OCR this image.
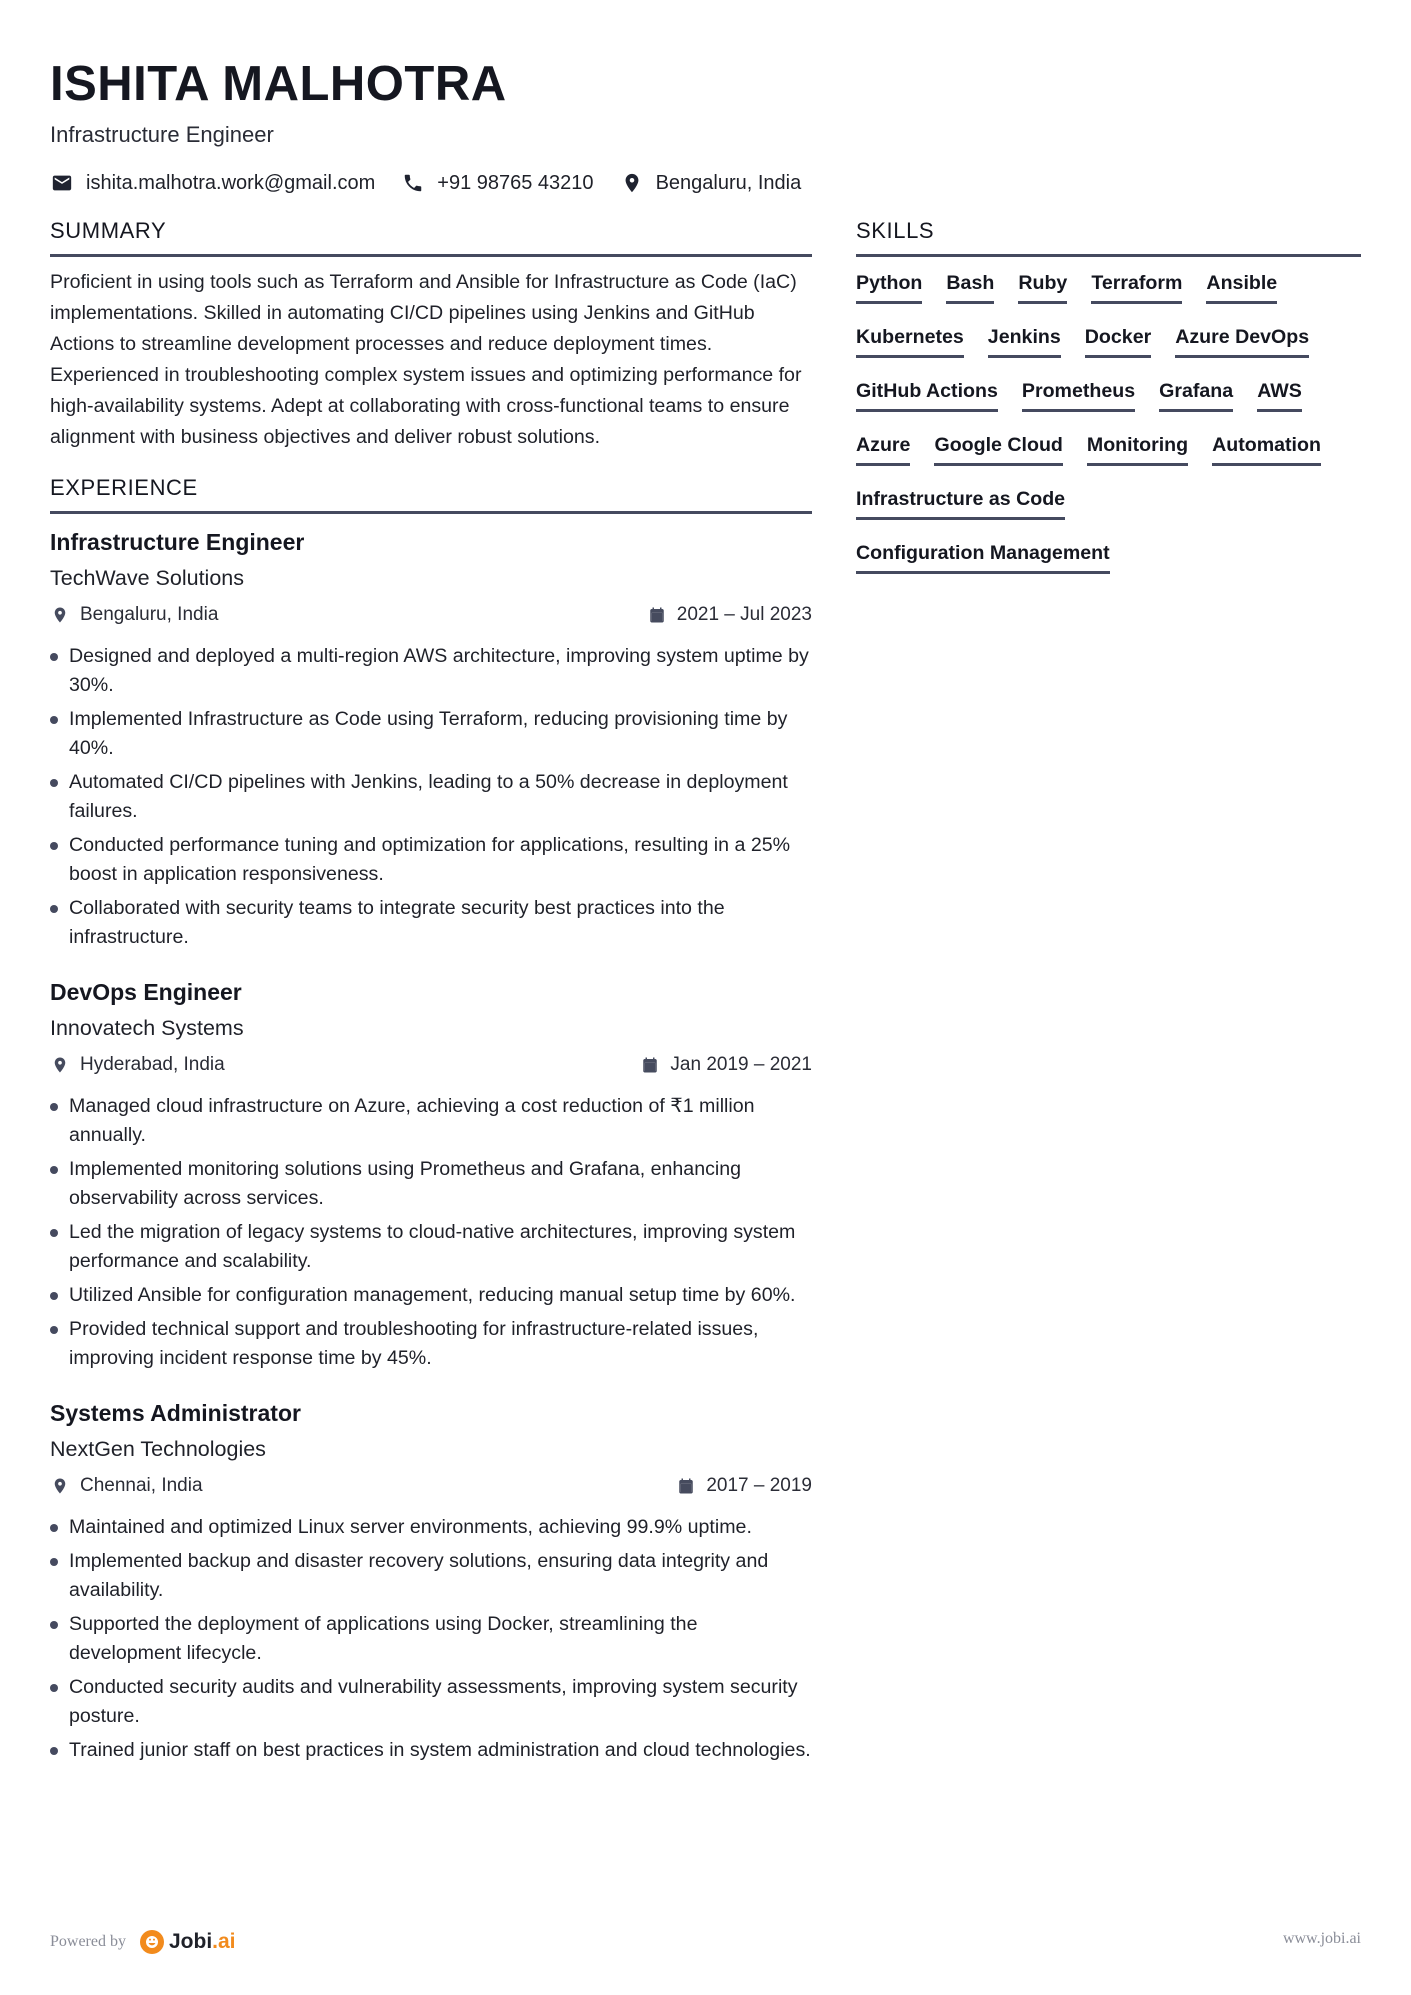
ISHITA MALHOTRA
Infrastructure Engineer
ishita.malhotra.work@gmail.com	+91 98765 43210	Bengaluru, India
SUMMARY

Proficient in using tools such as Terraform and Ansible for Infrastructure as Code (IaC) implementations. Skilled in automating CI/CD pipelines using Jenkins and GitHub Actions to streamline development processes and reduce deployment times. Experienced in troubleshooting complex system issues and optimizing performance for high-availability systems. Adept at collaborating with cross-functional teams to ensure alignment with business objectives and deliver robust solutions.

EXPERIENCE
Infrastructure Engineer
TechWave Solutions
Bengaluru, India	2021 – Jul 2023
Designed and deployed a multi-region AWS architecture, improving system uptime by 30%.
Implemented Infrastructure as Code using Terraform, reducing provisioning time by 40%.
Automated CI/CD pipelines with Jenkins, leading to a 50% decrease in deployment failures.
Conducted performance tuning and optimization for applications, resulting in a 25% boost in application responsiveness.
Collaborated with security teams to integrate security best practices into the infrastructure.
DevOps Engineer
Innovatech Systems
Hyderabad, India	Jan 2019 – 2021
Managed cloud infrastructure on Azure, achieving a cost reduction of ₹1 million annually.
Implemented monitoring solutions using Prometheus and Grafana, enhancing observability across services.
Led the migration of legacy systems to cloud-native architectures, improving system performance and scalability.
Utilized Ansible for configuration management, reducing manual setup time by 60%.
Provided technical support and troubleshooting for infrastructure-related issues, improving incident response time by 45%.
Systems Administrator
NextGen Technologies
Chennai, India	2017 – 2019
Maintained and optimized Linux server environments, achieving 99.9% uptime.
Implemented backup and disaster recovery solutions, ensuring data integrity and availability.
Supported the deployment of applications using Docker, streamlining the development lifecycle.
Conducted security audits and vulnerability assessments, improving system security posture.
Trained junior staff on best practices in system administration and cloud technologies.
SKILLS
Python Bash Ruby Terraform Ansible
Kubernetes Jenkins Docker Azure DevOps
GitHub Actions Prometheus Grafana AWS
Azure Google Cloud Monitoring Automation
Infrastructure as Code
Configuration Management
Powered by Jobi .ai	www.jobi.ai
